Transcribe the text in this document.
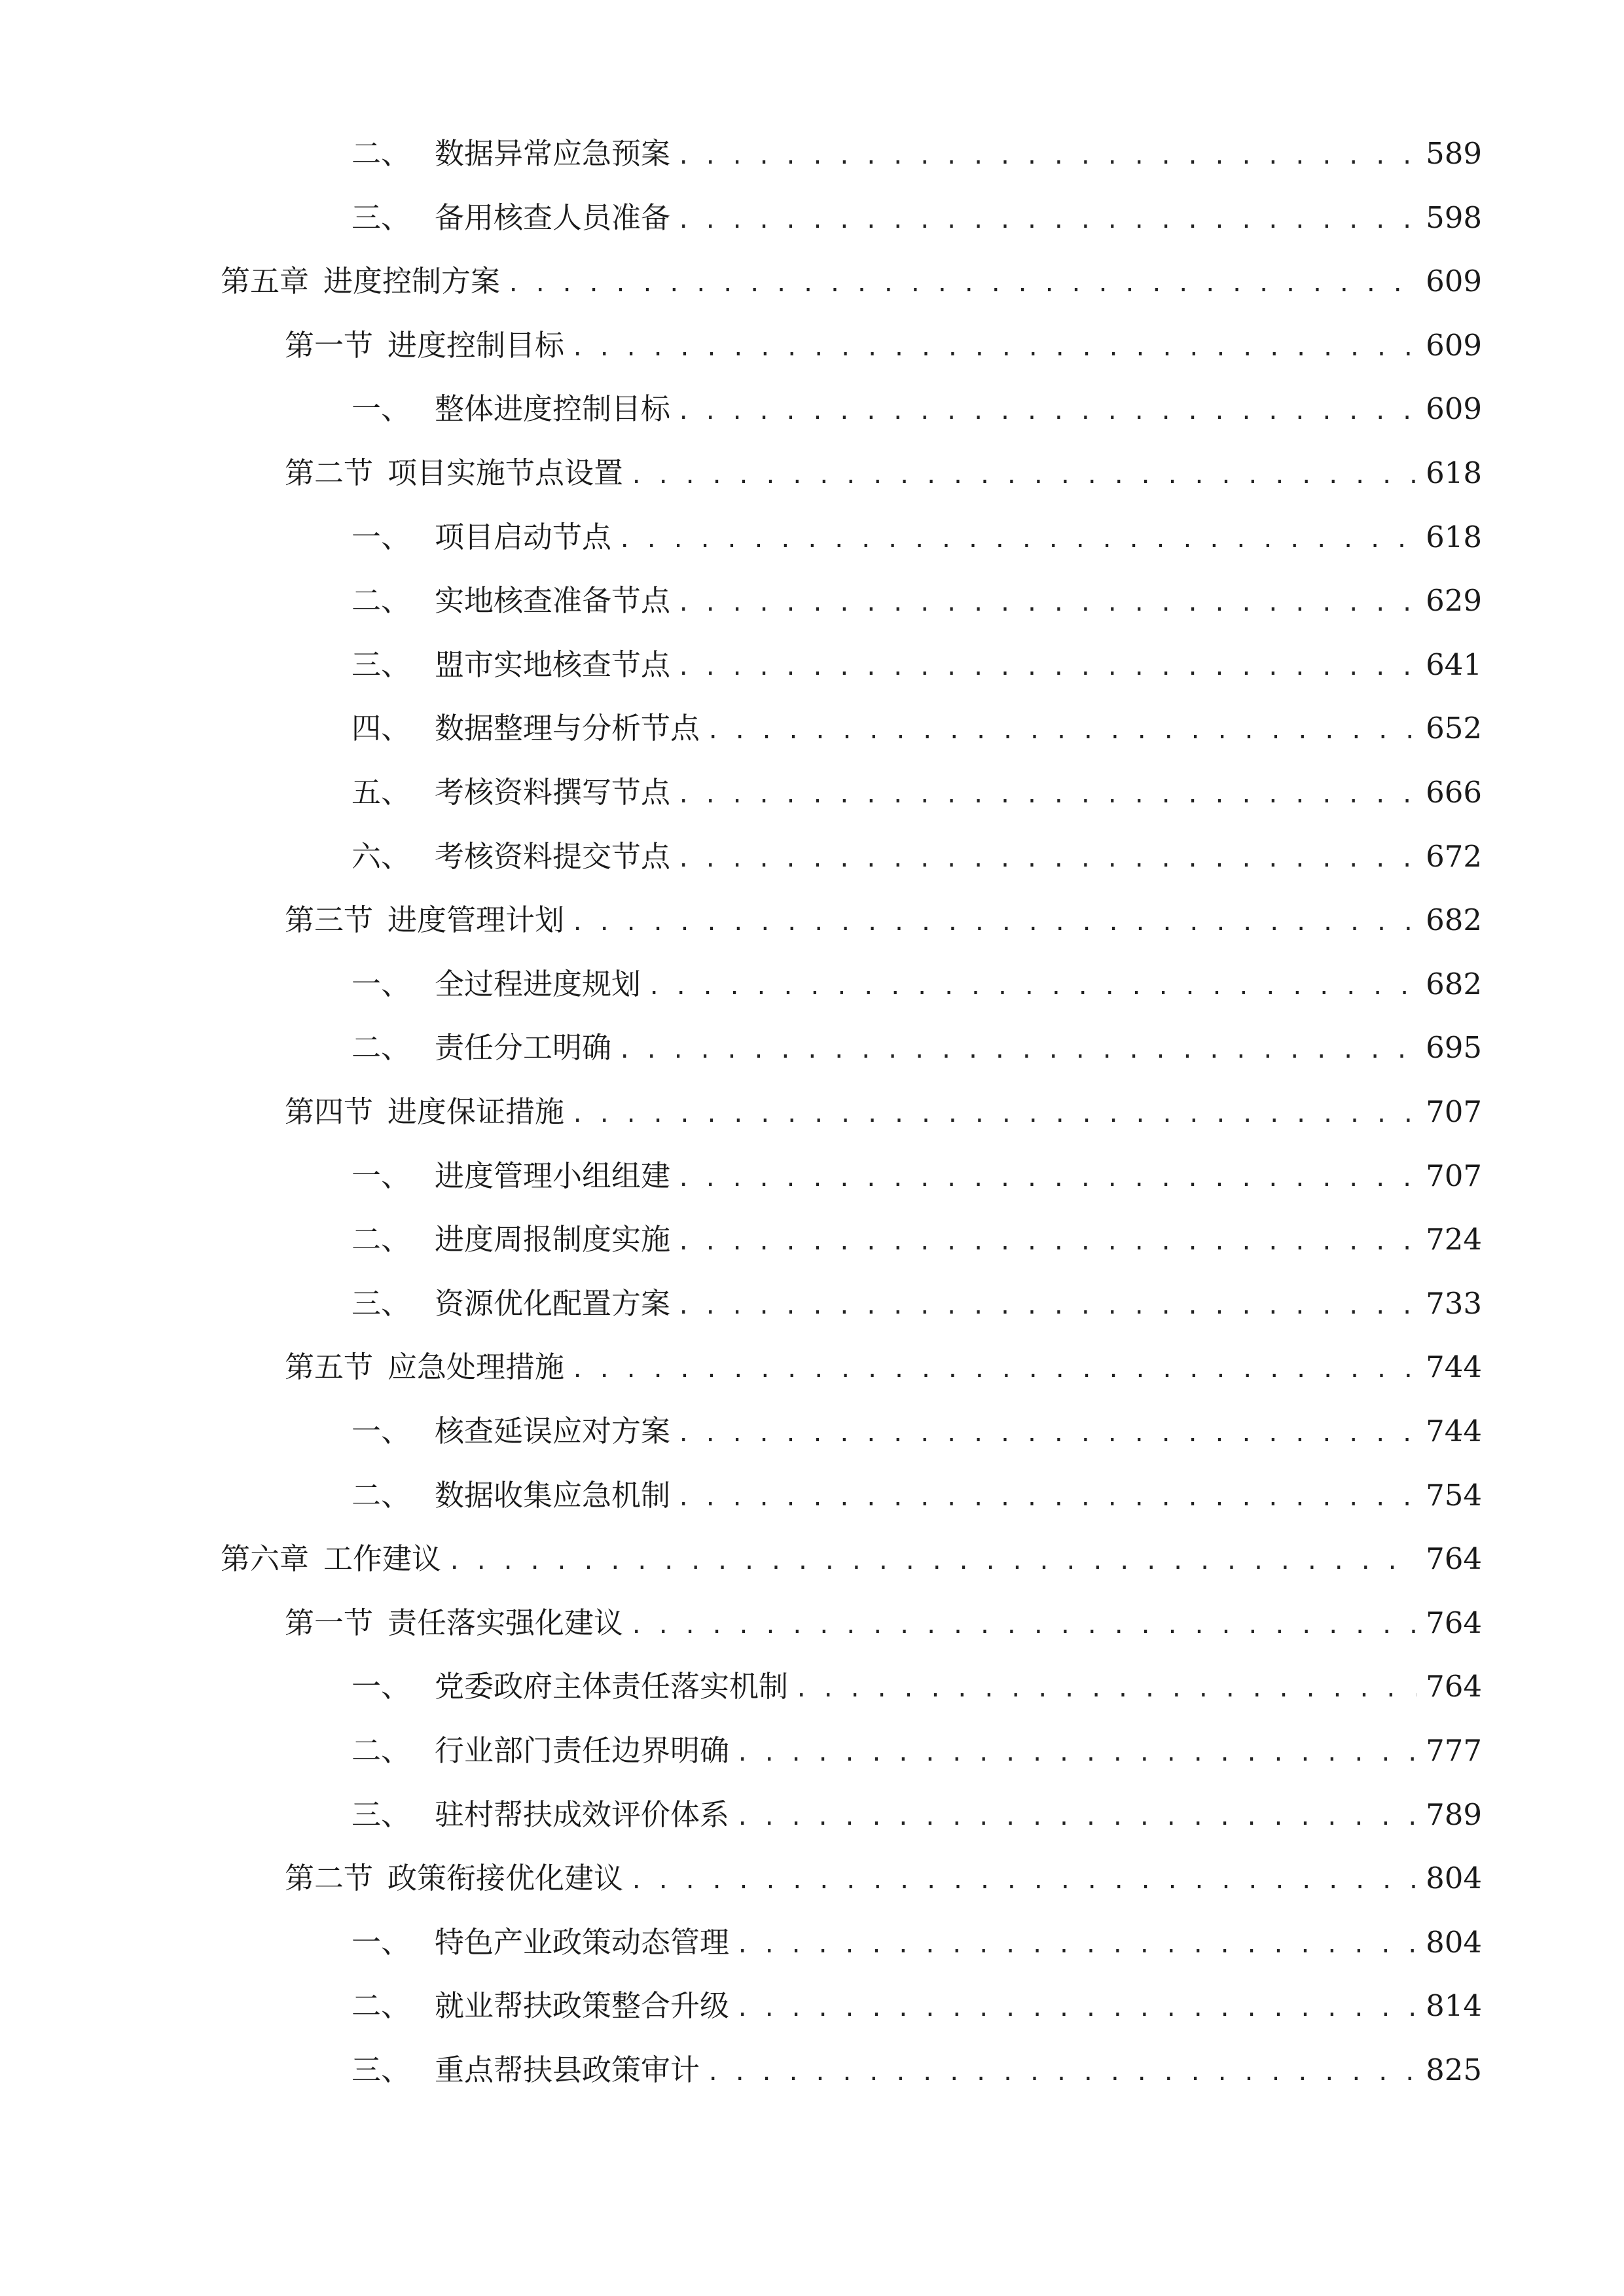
二、 数据异常应急预案 . . .	589
三、 备用核查人员准备 . . .	598
第五章 进度控制方案 . . .	609
第一节 进度控制目标 . . .	609
一、 整体进度控制目标 . . .	609
第二节 项目实施节点设置 . . .	618
一、 项目启动节点 . . .	618
二、 实地核查准备节点 . . .	629
三、 盟市实地核查节点 . . .	641
四、 数据整理与分析节点 . . .	652
五、 考核资料撰写节点 . . .	666
六、 考核资料提交节点 . . .	672
第三节 进度管理计划 . . .	682
一、 全过程进度规划 . . .	682
二、 责任分工明确 . . .	695
第四节 进度保证措施 . . .	707
一、 进度管理小组组建 . . .	707
二、 进度周报制度实施 . . .	724
三、 资源优化配置方案 . . .	733
第五节 应急处理措施 . . .	744
一、 核查延误应对方案 . . .	744
二、 数据收集应急机制 . . .	754
第六章 工作建议 . . .	764
第一节 责任落实强化建议 . . .	764
一、 党委政府主体责任落实机制 . . .	764
二、 行业部门责任边界明确 . . .	777
三、 驻村帮扶成效评价体系 . . .	789
第二节 政策衔接优化建议 . . .	804
一、 特色产业政策动态管理 . . .	804
二、 就业帮扶政策整合升级 . . .	814
三、 重点帮扶县政策审计 . . .	825
